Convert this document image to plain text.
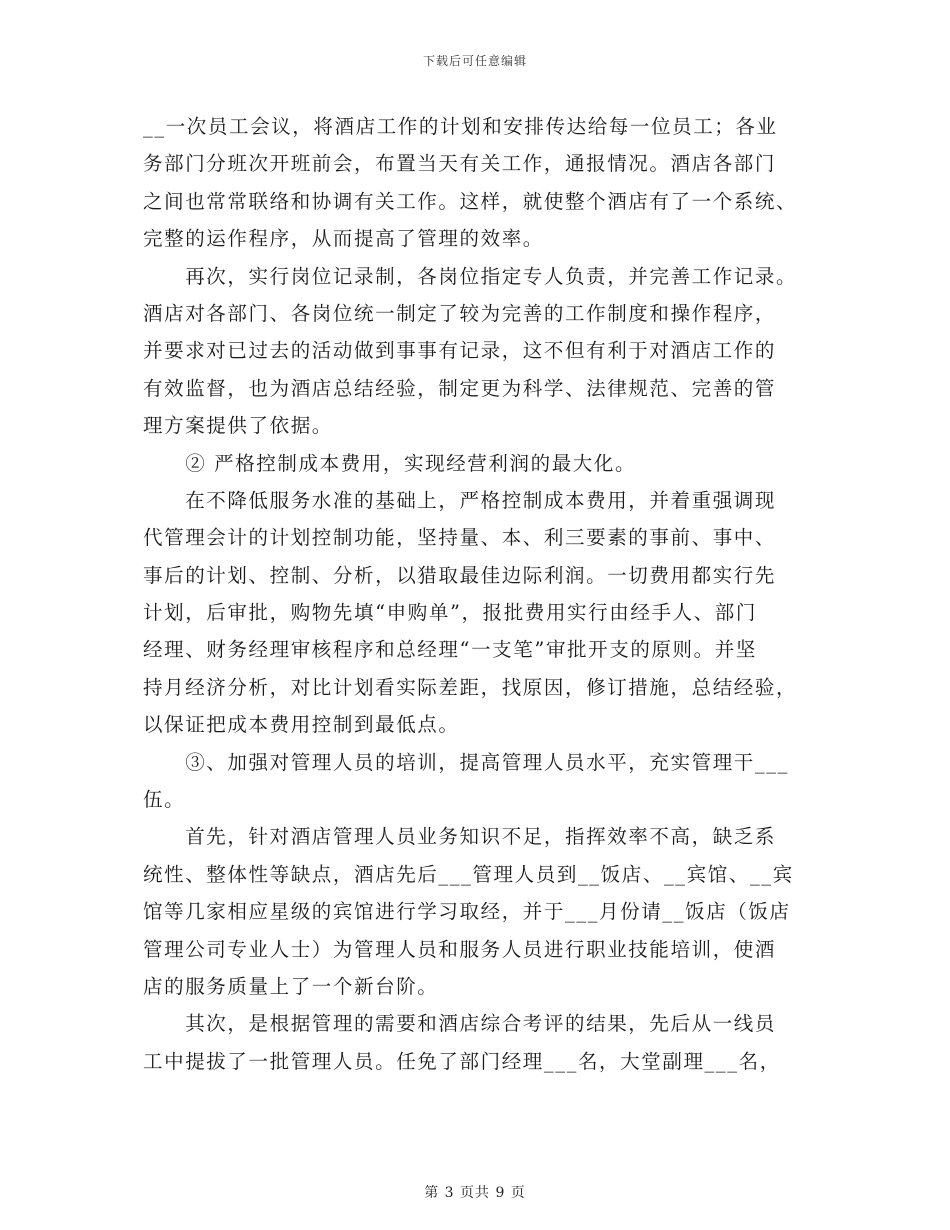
下载后可任意编辑
__一次员工会议，将酒店工作的计划和安排传达给每一位员工；各业
务部门分班次开班前会，布置当天有关工作，通报情况。酒店各部门
之间也常常联络和协调有关工作。这样，就使整个酒店有了一个系统、
完整的运作程序，从而提高了管理的效率。
　　再次，实行岗位记录制，各岗位指定专人负责，并完善工作记录。
酒店对各部门、各岗位统一制定了较为完善的工作制度和操作程序，
并要求对已过去的活动做到事事有记录，这不但有利于对酒店工作的
有效监督，也为酒店总结经验，制定更为科学、法律规范、完善的管
理方案提供了依据。
　　② 严格控制成本费用，实现经营利润的最大化。
　　在不降低服务水准的基础上，严格控制成本费用，并着重强调现
代管理会计的计划控制功能，坚持量、本、利三要素的事前、事中、
事后的计划、控制、分析，以猎取最佳边际利润。一切费用都实行先
计划，后审批，购物先填“申购单”，报批费用实行由经手人、部门
经理、财务经理审核程序和总经理“一支笔”审批开支的原则。并坚
持月经济分析，对比计划看实际差距，找原因，修订措施，总结经验，
以保证把成本费用控制到最低点。
　　③、加强对管理人员的培训，提高管理人员水平，充实管理干___
伍。
　　首先，针对酒店管理人员业务知识不足，指挥效率不高，缺乏系
统性、整体性等缺点，酒店先后___管理人员到__饭店、__宾馆、__宾
馆等几家相应星级的宾馆进行学习取经，并于___月份请__饭店（饭店
管理公司专业人士）为管理人员和服务人员进行职业技能培训，使酒
店的服务质量上了一个新台阶。
　　其次，是根据管理的需要和酒店综合考评的结果，先后从一线员
工中提拔了一批管理人员。任免了部门经理___名，大堂副理___名，
第 3 页共 9 页
